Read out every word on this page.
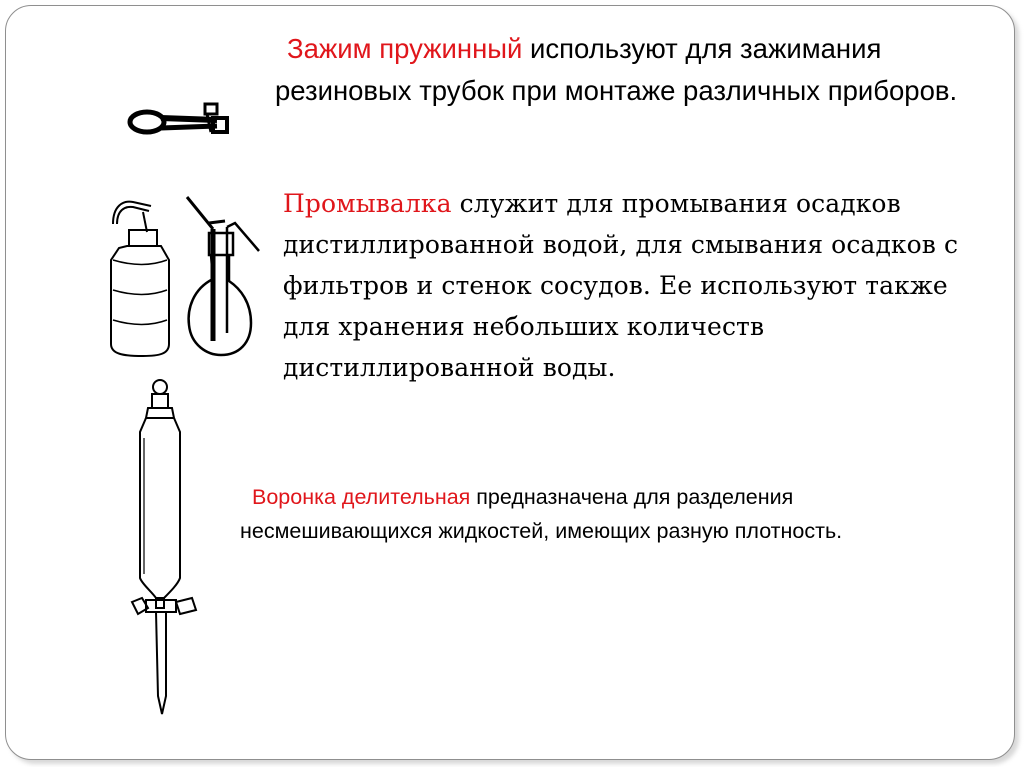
Зажим пружинный используют для зажимания резиновых трубок при монтаже различных приборов.

Промывалка служит для промывания осадков дистиллированной водой, для смывания осадков с фильтров и стенок сосудов. Ее используют также для хранения небольших количеств дистиллированной воды.

Воронка делительная предназначена для разделения несмешивающихся жидкостей, имеющих разную плотность.
